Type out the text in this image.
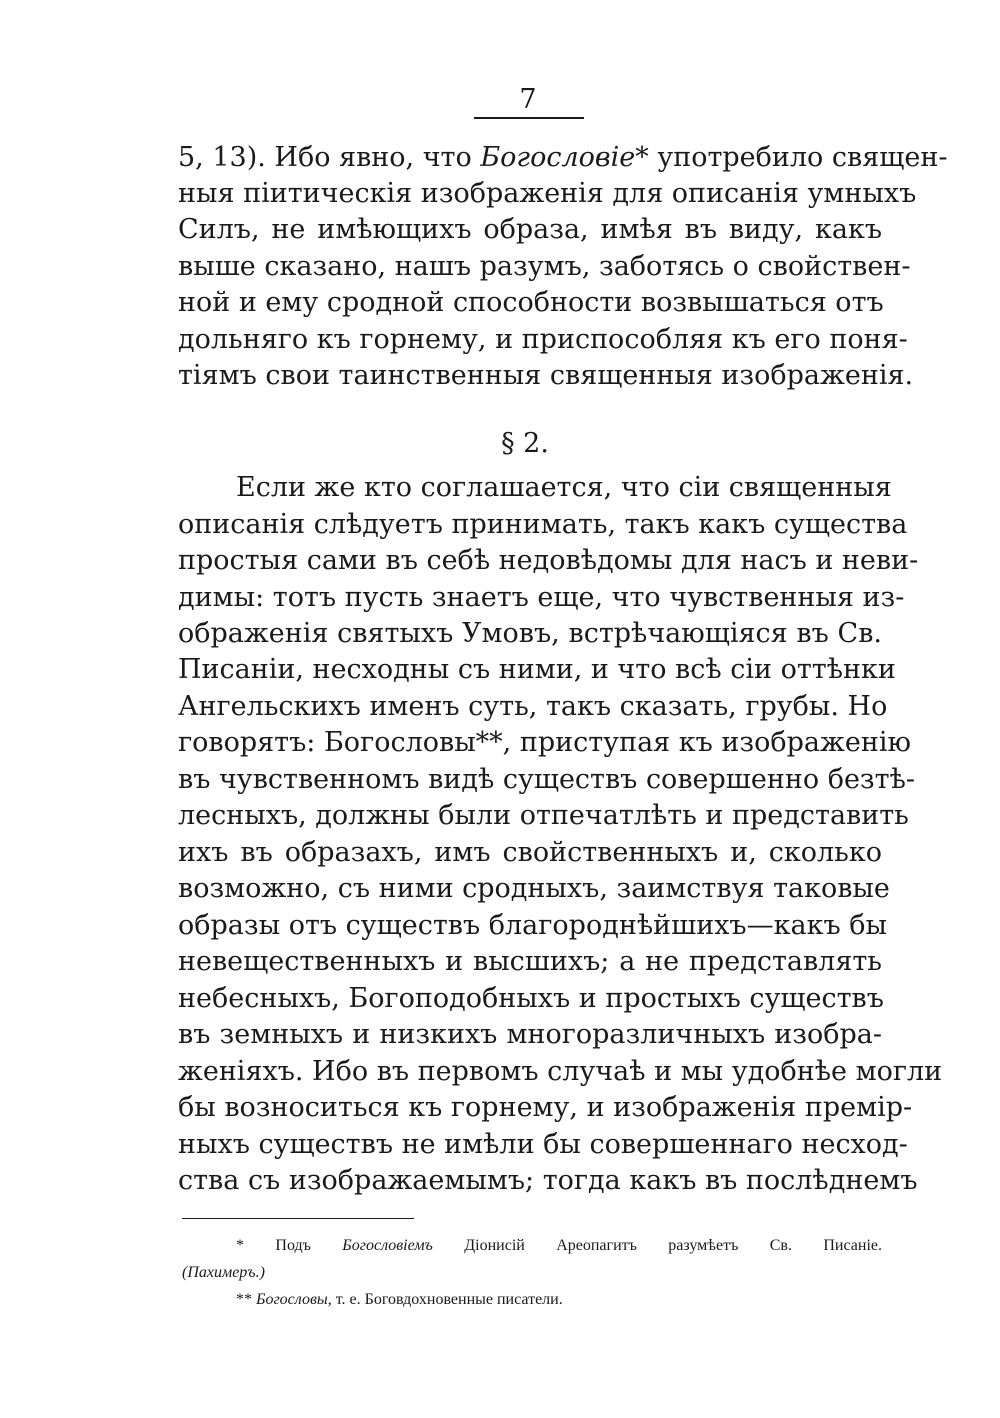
7
5, 13). Ибо явно, что Богословіе* употребило священ-
ныя пiитическiя изображенiя для описанiя умныхъ
Силъ, не имѣющихъ образа, имѣя въ виду, какъ
выше сказано, нашъ разумъ, заботясь о свойствен-
ной и ему сродной способности возвышаться отъ
дольняго къ горнему, и приспособляя къ его поня-
тiямъ свои таинственныя священныя изображенiя.
§ 2.
Если же кто соглашается, что сiи священныя
описанiя слѣдуетъ принимать, такъ какъ существа
простыя сами въ себѣ недовѣдомы для насъ и неви-
димы: тотъ пусть знаетъ еще, что чувственныя из-
ображенiя святыхъ Умовъ, встрѣчающiяся въ Св.
Писанiи, несходны съ ними, и что всѣ сiи оттѣнки
Ангельскихъ именъ суть, такъ сказать, грубы. Но
говорятъ: Богословы**, приступая къ изображенiю
въ чувственномъ видѣ существъ совершенно безтѣ-
лесныхъ, должны были отпечатлѣть и представить
ихъ въ образахъ, имъ свойственныхъ и, сколько
возможно, съ ними сродныхъ, заимствуя таковые
образы отъ существъ благороднѣйшихъ—какъ бы
невещественныхъ и высшихъ; а не представлять
небесныхъ, Богоподобныхъ и простыхъ существъ
въ земныхъ и низкихъ многоразличныхъ изобра-
женiяхъ. Ибо въ первомъ случаѣ и мы удобнѣе могли
бы возноситься къ горнему, и изображенiя премiр-
ныхъ существъ не имѣли бы совершеннаго несход-
ства съ изображаемымъ; тогда какъ въ послѣднемъ
* Подъ Богословiемъ Дiонисiй Ареопагитъ разумѣетъ Св. Писанiе.
(Пахимеръ.)
** Богословы, т. е. Боговдохновенные писатели.
